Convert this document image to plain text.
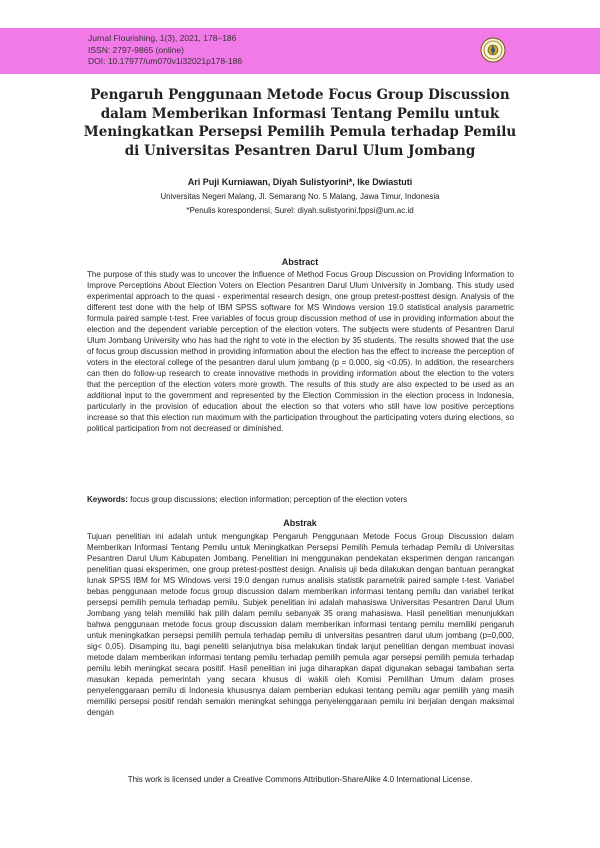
Jurnal Flourishing, 1(3), 2021, 178–186
ISSN: 2797-9865 (online)
DOI: 10.17977/um070v1i32021p178-186
Pengaruh Penggunaan Metode Focus Group Discussion dalam Memberikan Informasi Tentang Pemilu untuk Meningkatkan Persepsi Pemilih Pemula terhadap Pemilu di Universitas Pesantren Darul Ulum Jombang
Ari Puji Kurniawan, Diyah Sulistyorini*, Ike Dwiastuti
Universitas Negeri Malang, Jl. Semarang No. 5 Malang, Jawa Timur, Indonesia
*Penulis korespondensi, Surel: diyah.sulistyorini.fppsi@um.ac.id
Abstract
The purpose of this study was to uncover the Influence of Method Focus Group Discussion on Providing Information to Improve Perceptions About Election Voters on Election Pesantren Darul Ulum University in Jombang. This study used experimental approach to the quasi - experimental research design, one group pretest-posttest design. Analysis of the different test done with the help of IBM SPSS software for MS Windows version 19.0 statistical analysis parametric formula paired sample t-test. Free variables of focus group discussion method of use in providing information about the election and the dependent variable perception of the election voters. The subjects were students of Pesantren Darul Ulum Jombang University who has had the right to vote in the election by 35 students. The results showed that the use of focus group discussion method in providing information about the election has the effect to increase the perception of voters in the electoral college of the pesantren darul ulum jombang (p = 0.000, sig <0.05). In addition, the researchers can then do follow-up research to create innovative methods in providing information about the election to the voters that the perception of the election voters more growth. The results of this study are also expected to be used as an additional input to the government and represented by the Election Commission in the election process in Indonesia, particularly in the provision of education about the election so that voters who still have low positive perceptions increase so that this election run maximum with the participation throughout the participating voters during elections, so political participation from not decreased or diminished.
Keywords: focus group discussions; election information; perception of the election voters
Abstrak
Tujuan penelitian ini adalah untuk mengungkap Pengaruh Penggunaan Metode Focus Group Discussion dalam Memberikan Informasi Tentang Pemilu untuk Meningkatkan Persepsi Pemilih Pemula terhadap Pemilu di Universitas Pesantren Darul Ulum Kabupaten Jombang. Penelitian ini menggunakan pendekatan eksperimen dengan rancangan penelitian quasi eksperimen, one group pretest-posttest design. Analisis uji beda dilakukan dengan bantuan perangkat lunak SPSS IBM for MS Windows versi 19.0 dengan rumus analisis statistik parametrik paired sample t-test. Variabel bebas penggunaan metode focus group discussion dalam memberikan informasi tentang pemilu dan variabel terikat persepsi pemilih pemula terhadap pemilu. Subjek penelitian ini adalah mahasiswa Universitas Pesantren Darul Ulum Jombang yang telah memiliki hak pilih dalam pemilu sebanyak 35 orang mahasiswa. Hasil penelitian menunjukkan bahwa penggunaan metode focus group discussion dalam memberikan informasi tentang pemilu memiliki pengaruh untuk meningkatkan persepsi pemilih pemula terhadap pemilu di universitas pesantren darul ulum jombang (p=0,000, sig< 0,05). Disamping itu, bagi peneliti selanjutnya bisa melakukan tindak lanjut penelitian dengan membuat inovasi metode dalam memberikan informasi tentang pemilu terhadap pemilih pemula agar persepsi pemilih pemula terhadap pemilu lebih meningkat secara positif. Hasil penelitian ini juga diharapkan dapat digunakan sebagai tambahan serta masukan kepada pemerintah yang secara khusus di wakili oleh Komisi Pemilihan Umum dalam proses penyelenggaraan pemilu di Indonesia khususnya dalam pemberian edukasi tentang pemilu agar pemilih yang masih memiliki persepsi positif rendah semakin meningkat sehingga penyelenggaraan pemilu ini berjalan dengan maksimal dengan
This work is licensed under a Creative Commons Attribution-ShareAlike 4.0 International License.
